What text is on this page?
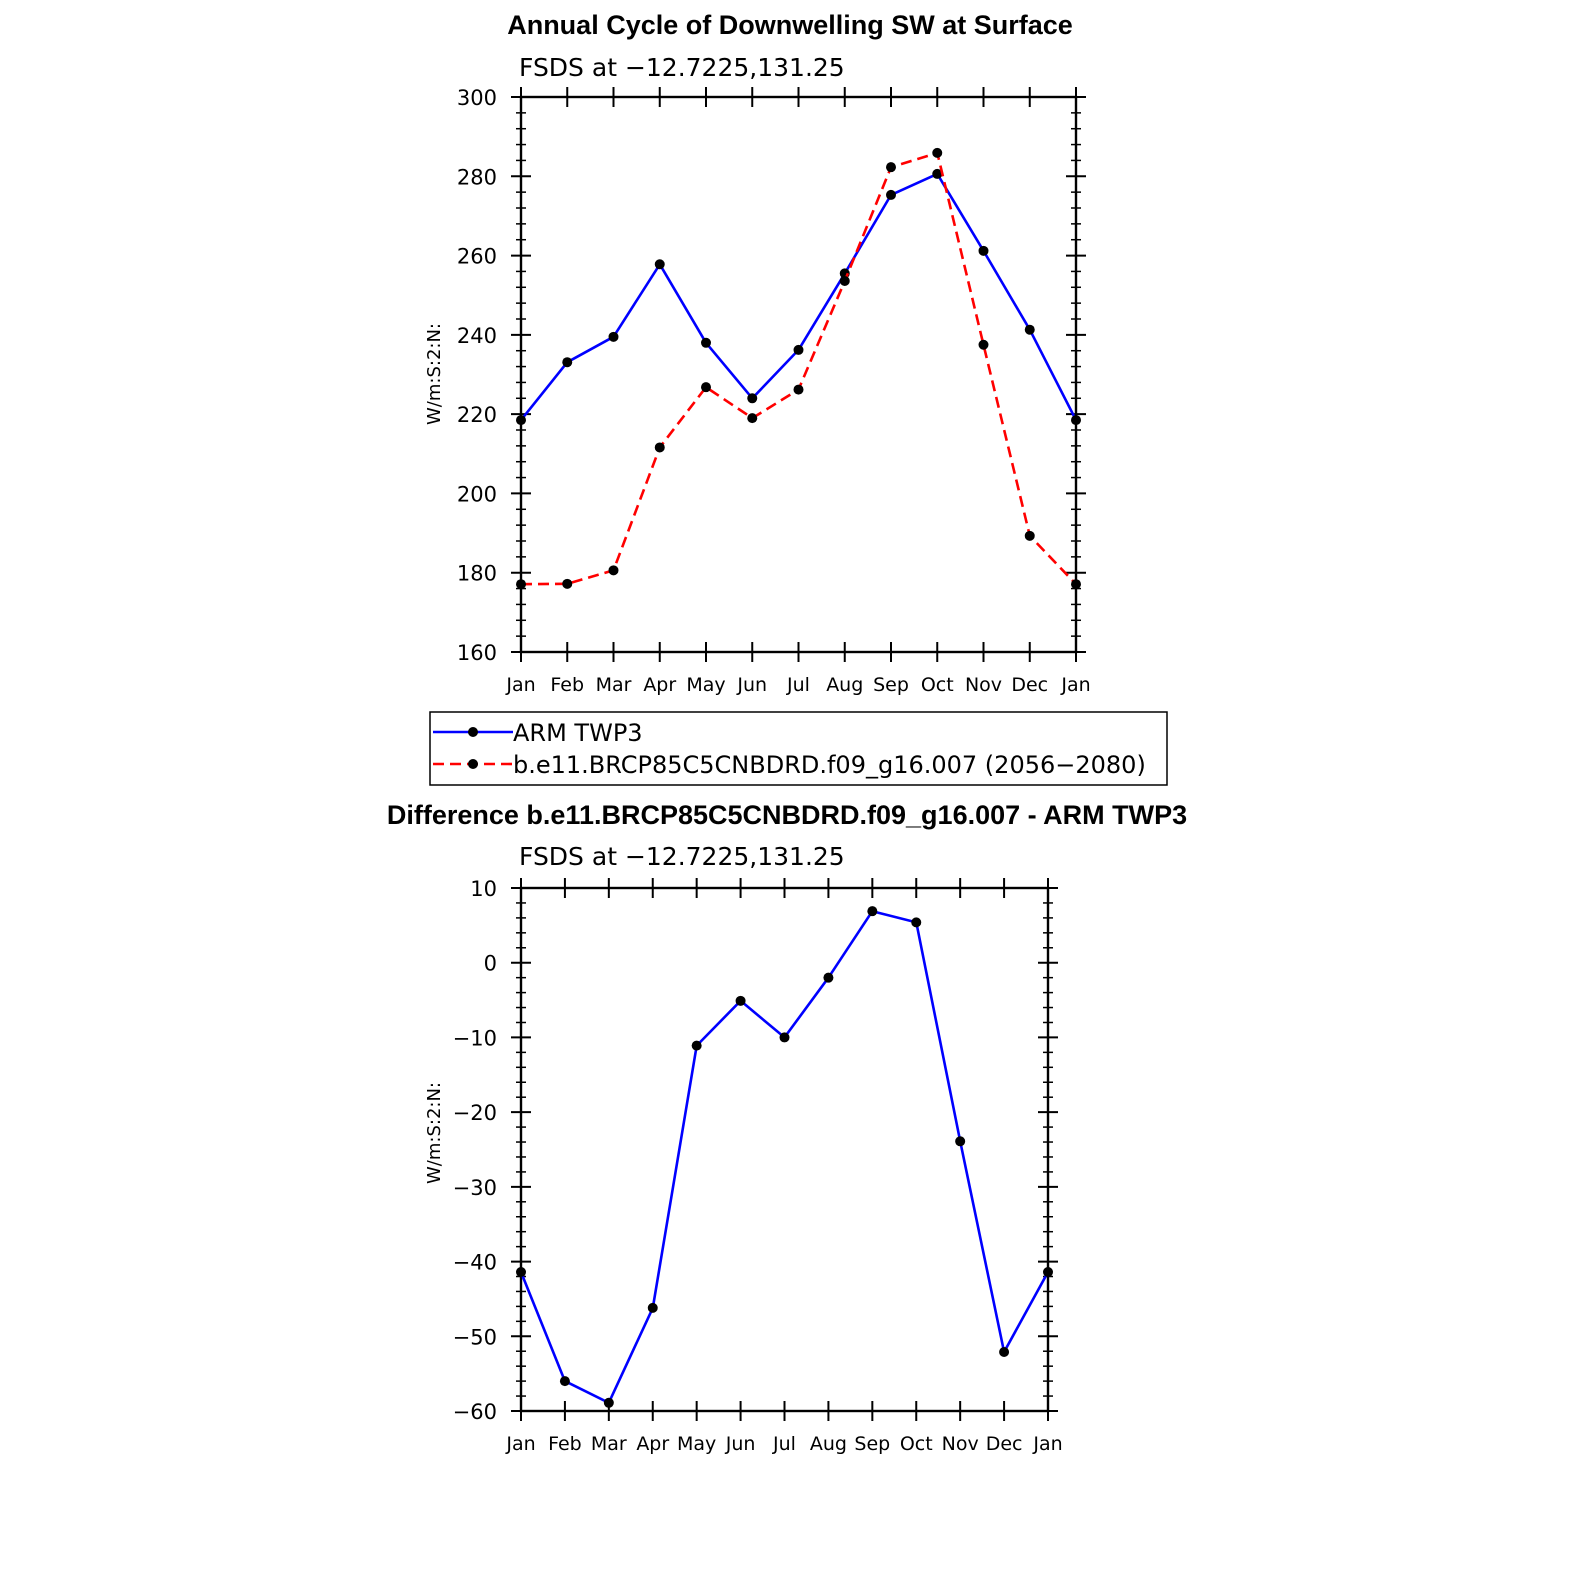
Annual Cycle of Downwelling SW at Surface
FSDS at −12.7225,131.25
W/m:S:2:N:
160
180
200
220
240
260
280
300
Jan Feb Mar Apr May Jun Jul Aug Sep Oct Nov Dec Jan
ARM TWP3
b.e11.BRCP85C5CNBDRD.f09_g16.007 (2056−2080)
Difference b.e11.BRCP85C5CNBDRD.f09_g16.007 - ARM TWP3
FSDS at −12.7225,131.25
W/m:S:2:N:
−60
−50
−40
−30
−20
−10
0
10
Jan Feb Mar Apr May Jun Jul Aug Sep Oct Nov Dec Jan
